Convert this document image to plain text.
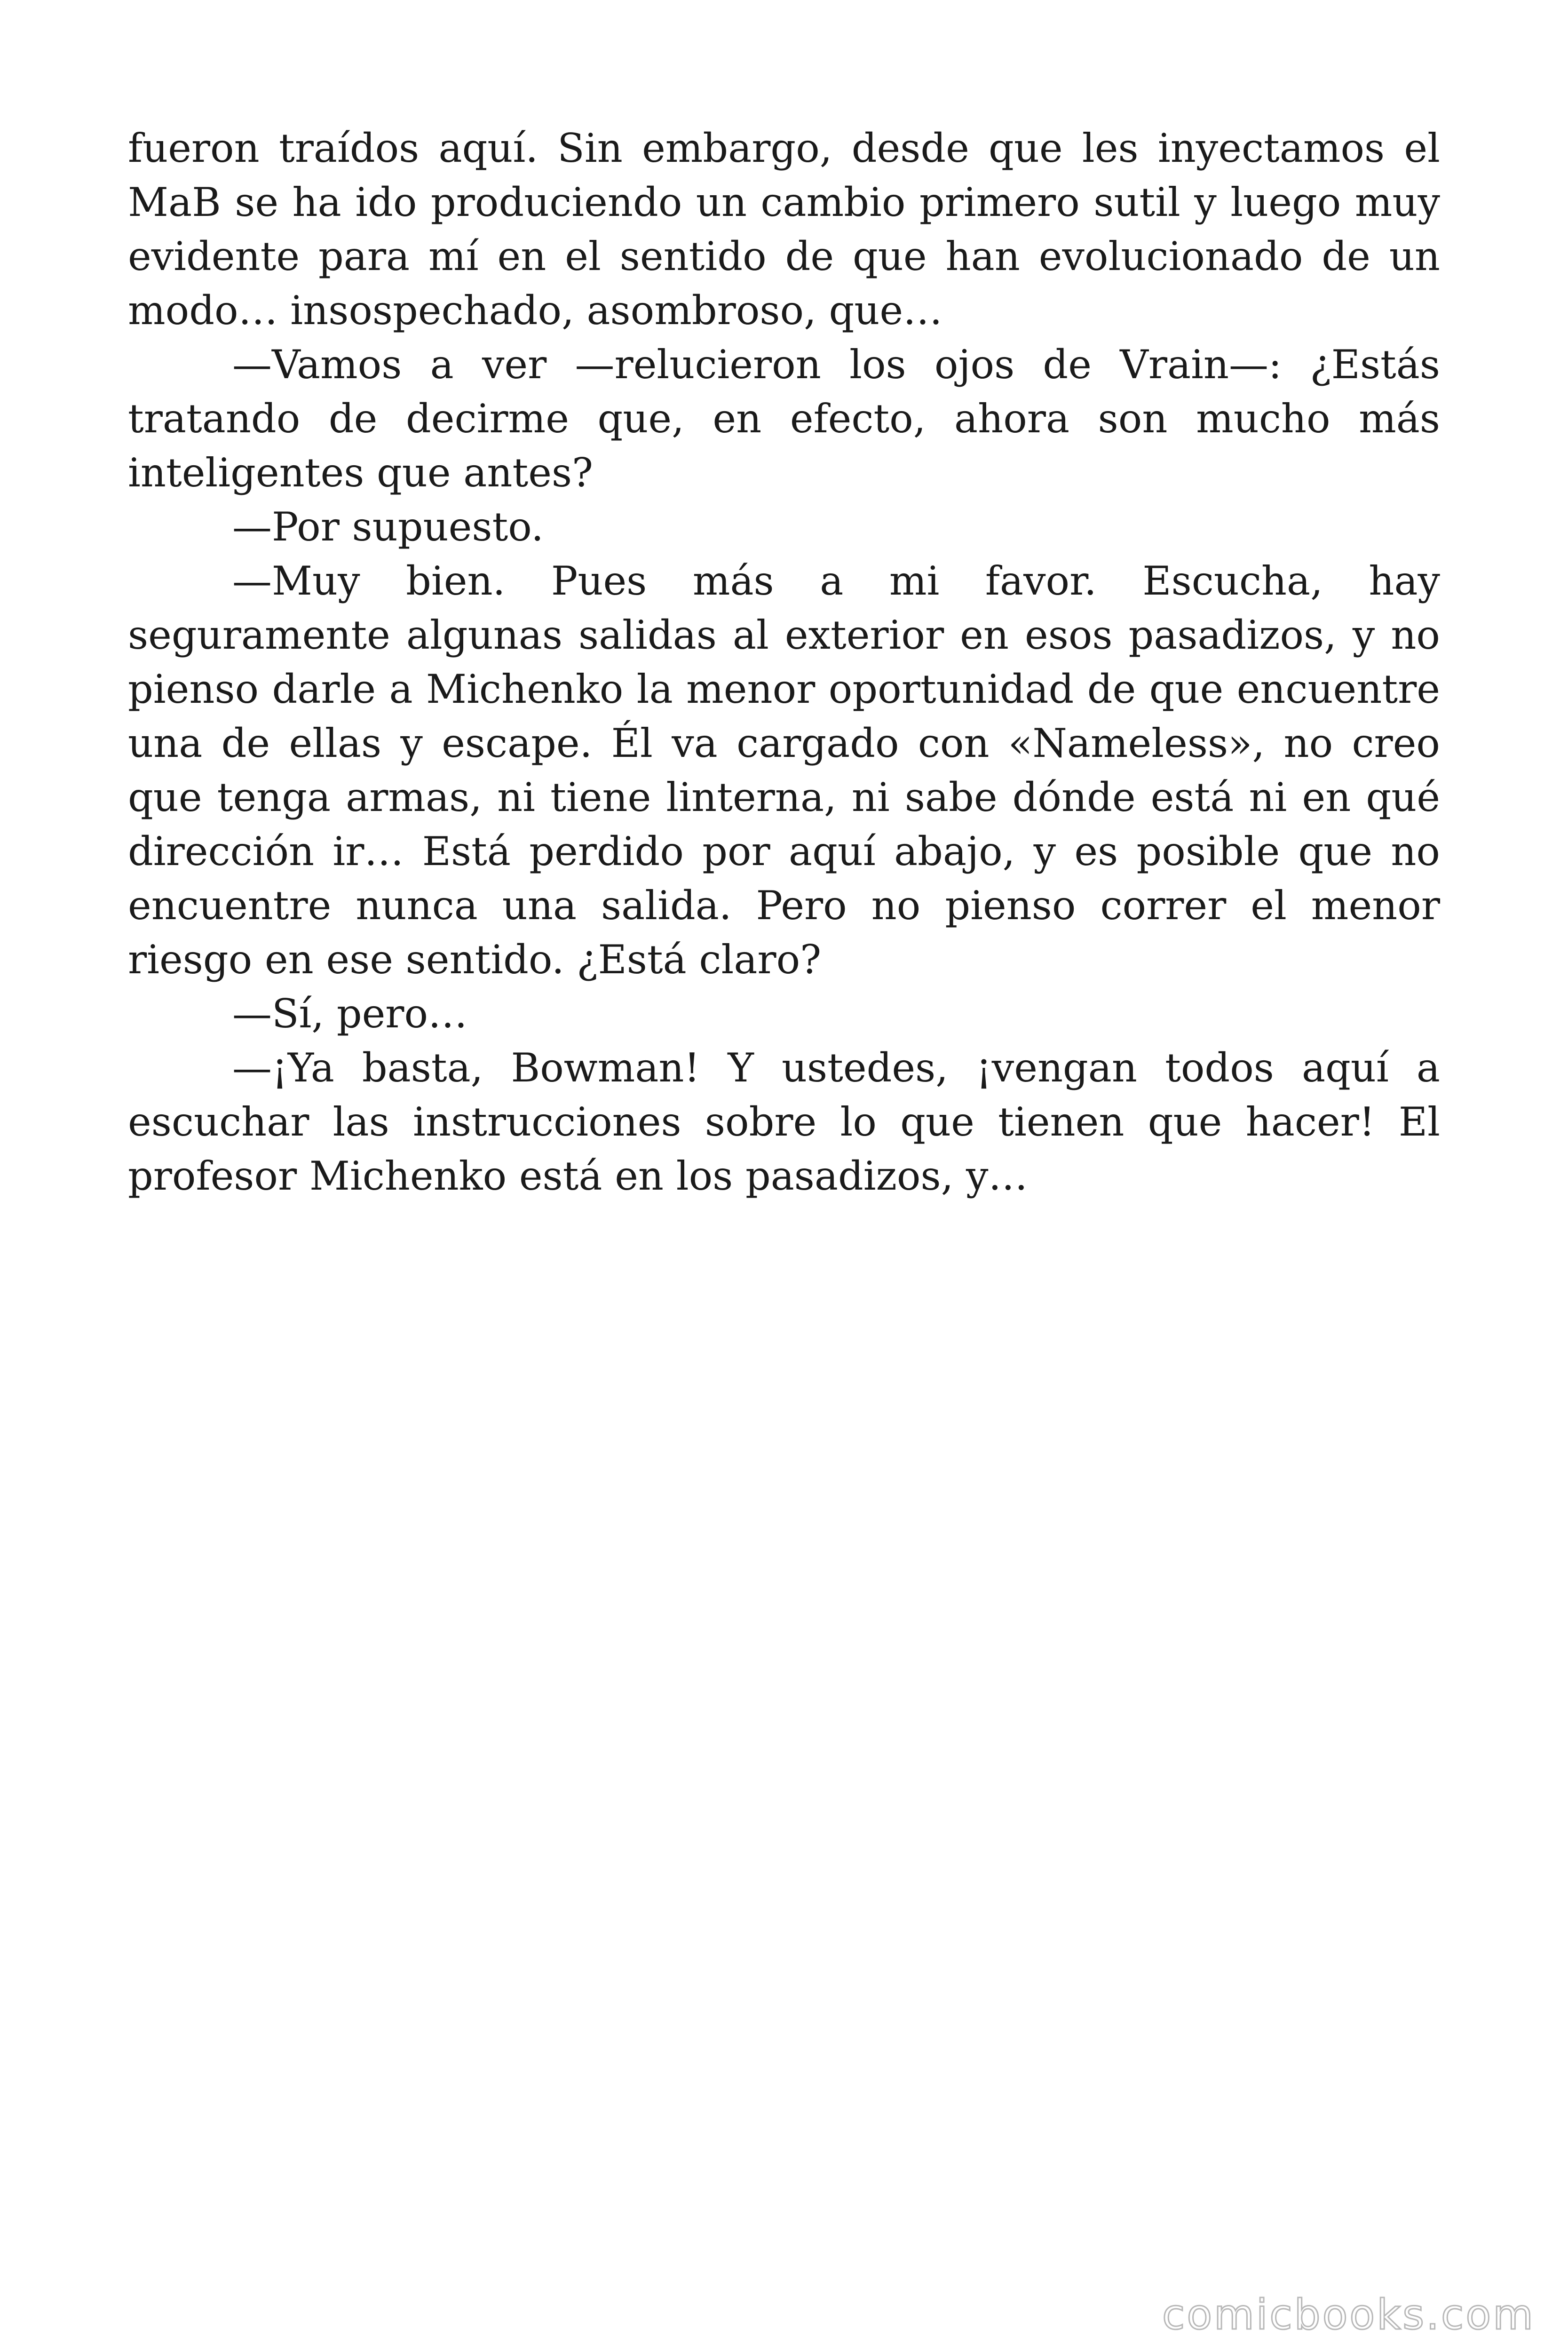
fueron traídos aquí. Sin embargo, desde que les inyectamos el MaB se ha ido produciendo un cambio primero sutil y luego muy evidente para mí en el sentido de que han evolucionado de un modo… insospechado, asombroso, que…

—Vamos a ver —relucieron los ojos de Vrain—: ¿Estás tratando de decirme que, en efecto, ahora son mucho más inteligentes que antes?

—Por supuesto.

—Muy bien. Pues más a mi favor. Escucha, hay seguramente algunas salidas al exterior en esos pasadizos, y no pienso darle a Michenko la menor oportunidad de que encuentre una de ellas y escape. Él va cargado con «Nameless», no creo que tenga armas, ni tiene linterna, ni sabe dónde está ni en qué dirección ir… Está perdido por aquí abajo, y es posible que no encuentre nunca una salida. Pero no pienso correr el menor riesgo en ese sentido. ¿Está claro?

—Sí, pero…

—¡Ya basta, Bowman! Y ustedes, ¡vengan todos aquí a escuchar las instrucciones sobre lo que tienen que hacer! El profesor Michenko está en los pasadizos, y…

comicbooks.com
